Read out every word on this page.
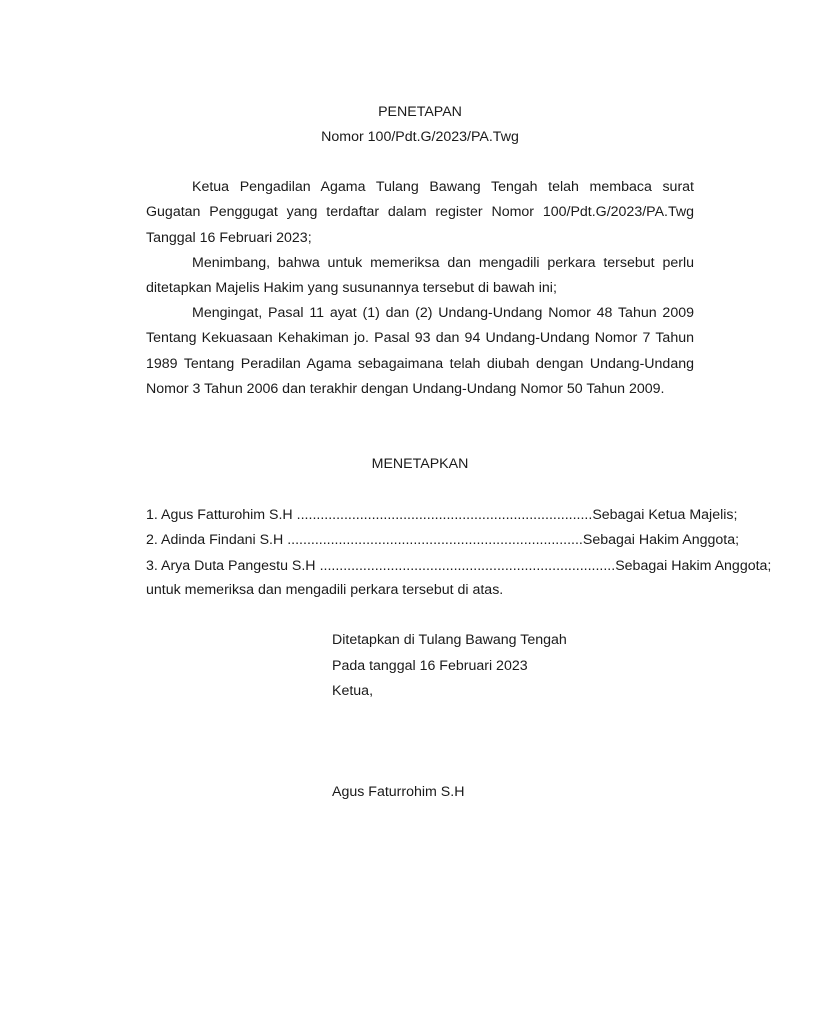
PENETAPAN
Nomor 100/Pdt.G/2023/PA.Twg
Ketua Pengadilan Agama Tulang Bawang Tengah telah membaca surat Gugatan Penggugat yang terdaftar dalam register Nomor 100/Pdt.G/2023/PA.Twg Tanggal 16 Februari 2023;
Menimbang, bahwa untuk memeriksa dan mengadili perkara tersebut perlu ditetapkan Majelis Hakim yang susunannya tersebut di bawah ini;
Mengingat, Pasal 11 ayat (1) dan (2) Undang-Undang Nomor 48 Tahun 2009 Tentang Kekuasaan Kehakiman jo. Pasal 93 dan 94 Undang-Undang Nomor 7 Tahun 1989 Tentang Peradilan Agama sebagaimana telah diubah dengan Undang-Undang Nomor 3 Tahun 2006 dan terakhir dengan Undang-Undang Nomor 50 Tahun 2009.
MENETAPKAN
1. Agus Fatturohim S.H ........................................................................... Sebagai Ketua Majelis;
2. Adinda Findani S.H ........................................................................... Sebagai Hakim Anggota;
3. Arya Duta Pangestu S.H ........................................................................... Sebagai Hakim Anggota;
untuk memeriksa dan mengadili perkara tersebut di atas.
Ditetapkan di Tulang Bawang Tengah
Pada tanggal 16 Februari 2023
Ketua,
Agus Faturrohim S.H
